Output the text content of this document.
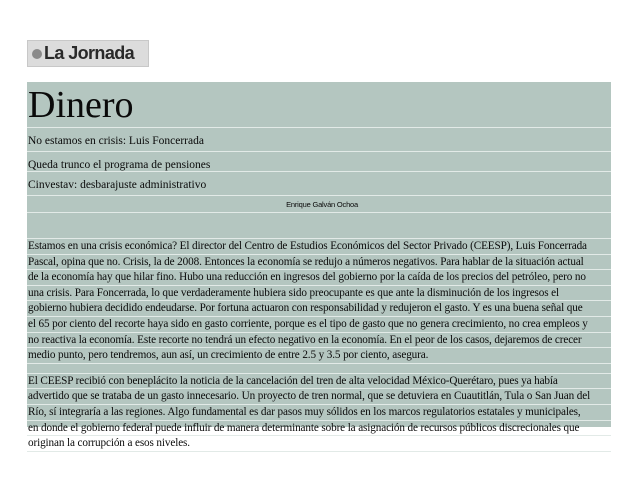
La Jornada
Dinero
No estamos en crisis: Luis Foncerrada
Queda trunco el programa de pensiones
Cinvestav: desbarajuste administrativo
Enrique Galván Ochoa
Estamos en una crisis económica? El director del Centro de Estudios Económicos del Sector Privado (CEESP), Luis Foncerrada
Pascal, opina que no. Crisis, la de 2008. Entonces la economía se redujo a números negativos. Para hablar de la situación actual
de la economía hay que hilar fino. Hubo una reducción en ingresos del gobierno por la caída de los precios del petróleo, pero no
una crisis. Para Foncerrada, lo que verdaderamente hubiera sido preocupante es que ante la disminución de los ingresos el
gobierno hubiera decidido endeudarse. Por fortuna actuaron con responsabilidad y redujeron el gasto. Y es una buena señal que
el 65 por ciento del recorte haya sido en gasto corriente, porque es el tipo de gasto que no genera crecimiento, no crea empleos y
no reactiva la economía. Este recorte no tendrá un efecto negativo en la economía. En el peor de los casos, dejaremos de crecer
medio punto, pero tendremos, aun así, un crecimiento de entre 2.5 y 3.5 por ciento, asegura.
El CEESP recibió con beneplácito la noticia de la cancelación del tren de alta velocidad México-Querétaro, pues ya había
advertido que se trataba de un gasto innecesario. Un proyecto de tren normal, que se detuviera en Cuautitlán, Tula o San Juan del
Río, sí integraría a las regiones. Algo fundamental es dar pasos muy sólidos en los marcos regulatorios estatales y municipales,
en donde el gobierno federal puede influir de manera determinante sobre la asignación de recursos públicos discrecionales que
originan la corrupción a esos niveles.
